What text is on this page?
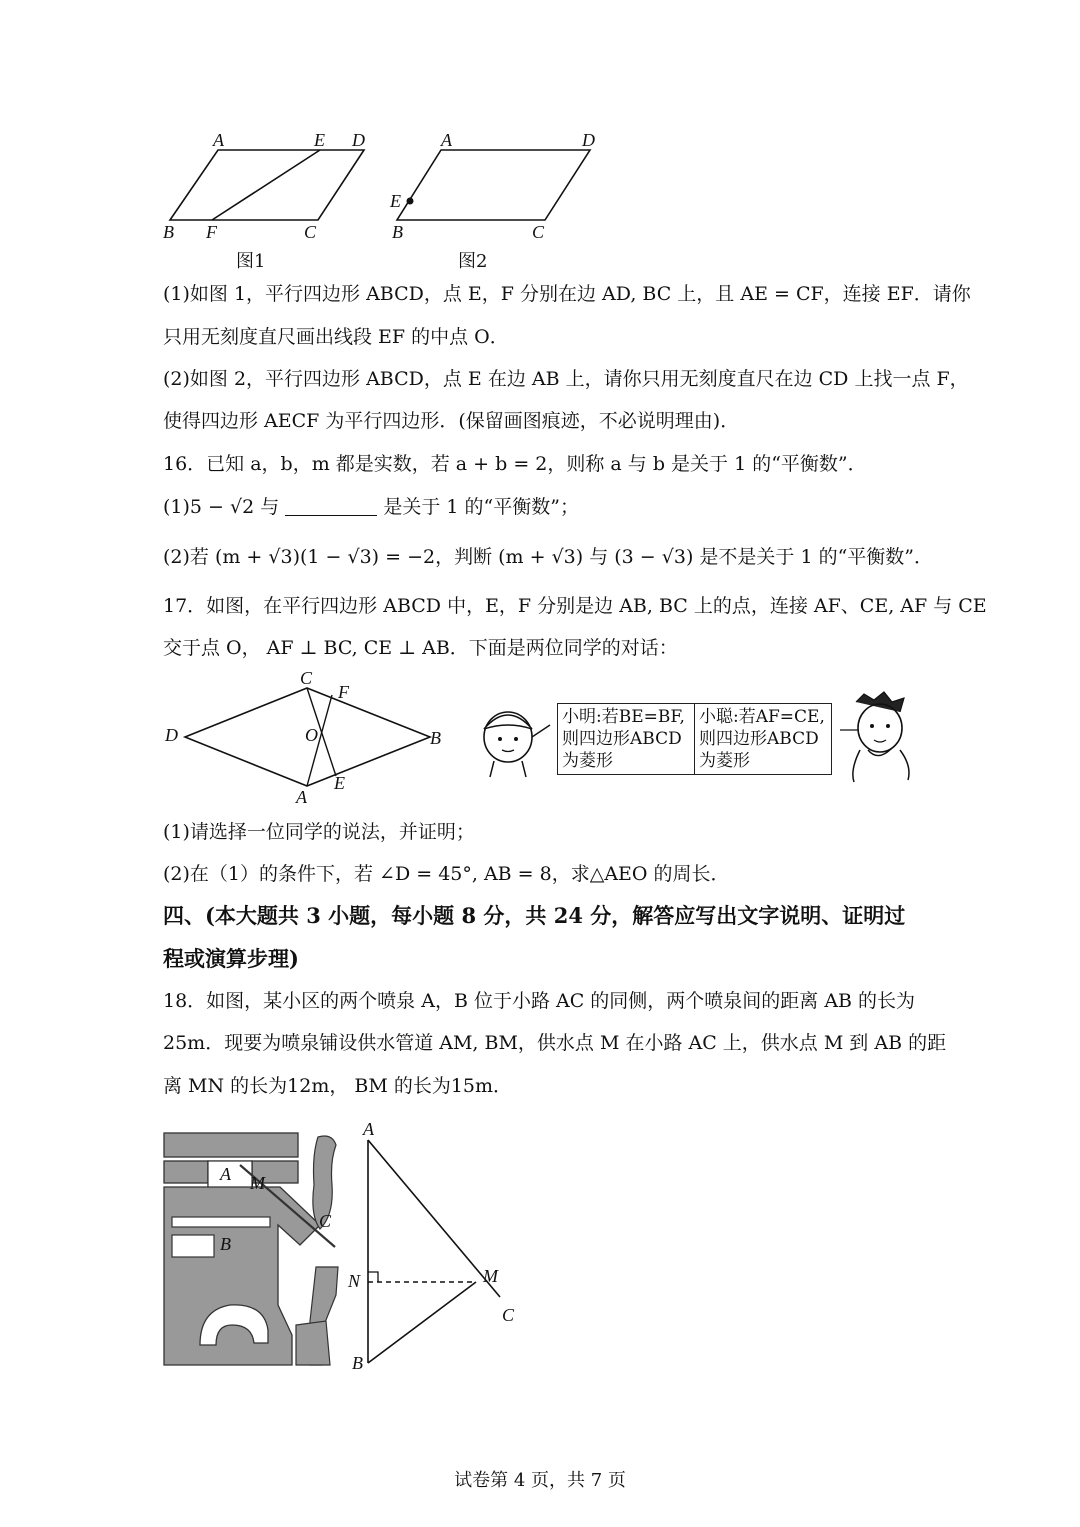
A	E D
B F	C
图1
A	D
E
B	C
图2
(1)如图 1，平行四边形 ABCD，点 E，F 分别在边 AD, BC 上，且 AE = CF，连接 EF．请你
只用无刻度直尺画出线段 EF 的中点 O．
(2)如图 2，平行四边形 ABCD，点 E 在边 AB 上，请你只用无刻度直尺在边 CD 上找一点 F，
使得四边形 AECF 为平行四边形．(保留画图痕迹，不必说明理由)．
16．已知 a，b，m 都是实数，若 a + b = 2，则称 a 与 b 是关于 1 的“平衡数”．
(1)5 − √2 与	是关于 1 的“平衡数”；
(2)若 (m + √3)(1 − √3) = −2，判断 (m + √3) 与 (3 − √3) 是不是关于 1 的“平衡数”．
17．如图，在平行四边形 ABCD 中，E，F 分别是边 AB, BC 上的点，连接 AF、CE, AF 与 CE
交于点 O， AF ⊥ BC, CE ⊥ AB．下面是两位同学的对话：
C
F
D	O	B
E
A
小明:若BE=BF,
则四边形ABCD
为菱形
小聪:若AF=CE,
则四边形ABCD
为菱形
(1)请选择一位同学的说法，并证明；
(2)在（1）的条件下，若 ∠D = 45°, AB = 8，求△AEO 的周长．
四、(本大题共 3 小题，每小题 8 分，共 24 分，解答应写出文字说明、证明过
程或演算步理)
18．如图，某小区的两个喷泉 A，B 位于小路 AC 的同侧，两个喷泉间的距离 AB 的长为
25m．现要为喷泉铺设供水管道 AM, BM，供水点 M 在小路 AC 上，供水点 M 到 AB 的距
离 MN 的长为12m， BM 的长为15m．
A M
C
B
A
N	M
C
B
试卷第 4 页，共 7 页
